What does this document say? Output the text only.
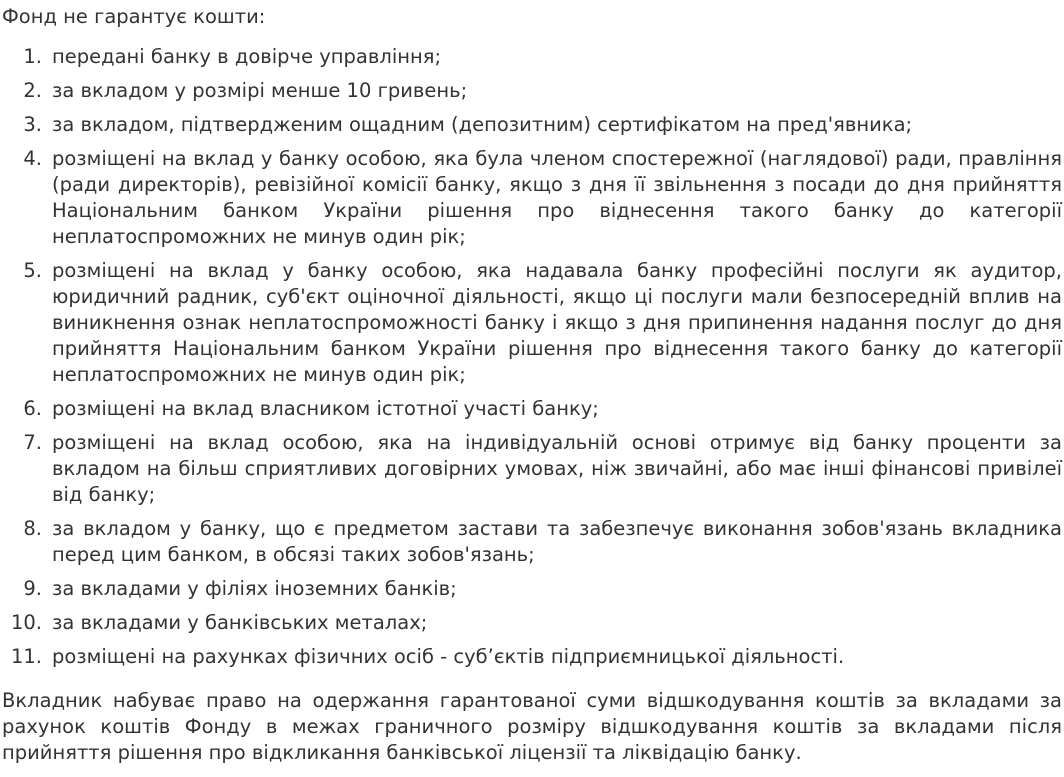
Фонд не гарантує кошти:

1. передані банку в довірче управління;
2. за вкладом у розмірі менше 10 гривень;
3. за вкладом, підтвердженим ощадним (депозитним) сертифікатом на пред'явника;
4. розміщені на вклад у банку особою, яка була членом спостережної (наглядової) ради, правління (ради директорів), ревізійної комісії банку, якщо з дня її звільнення з посади до дня прийняття Національним банком України рішення про віднесення такого банку до категорії неплатоспроможних не минув один рік;
5. розміщені на вклад у банку особою, яка надавала банку професійні послуги як аудитор, юридичний радник, суб'єкт оціночної діяльності, якщо ці послуги мали безпосередній вплив на виникнення ознак неплатоспроможності банку і якщо з дня припинення надання послуг до дня прийняття Національним банком України рішення про віднесення такого банку до категорії неплатоспроможних не минув один рік;
6. розміщені на вклад власником істотної участі банку;
7. розміщені на вклад особою, яка на індивідуальній основі отримує від банку проценти за вкладом на більш сприятливих договірних умовах, ніж звичайні, або має інші фінансові привілеї від банку;
8. за вкладом у банку, що є предметом застави та забезпечує виконання зобов'язань вкладника перед цим банком, в обсязі таких зобов'язань;
9. за вкладами у філіях іноземних банків;
10. за вкладами у банківських металах;
11. розміщені на рахунках фізичних осіб - суб’єктів підприємницької діяльності.

Вкладник набуває право на одержання гарантованої суми відшкодування коштів за вкладами за рахунок коштів Фонду в межах граничного розміру відшкодування коштів за вкладами після прийняття рішення про відкликання банківської ліцензії та ліквідацію банку.
